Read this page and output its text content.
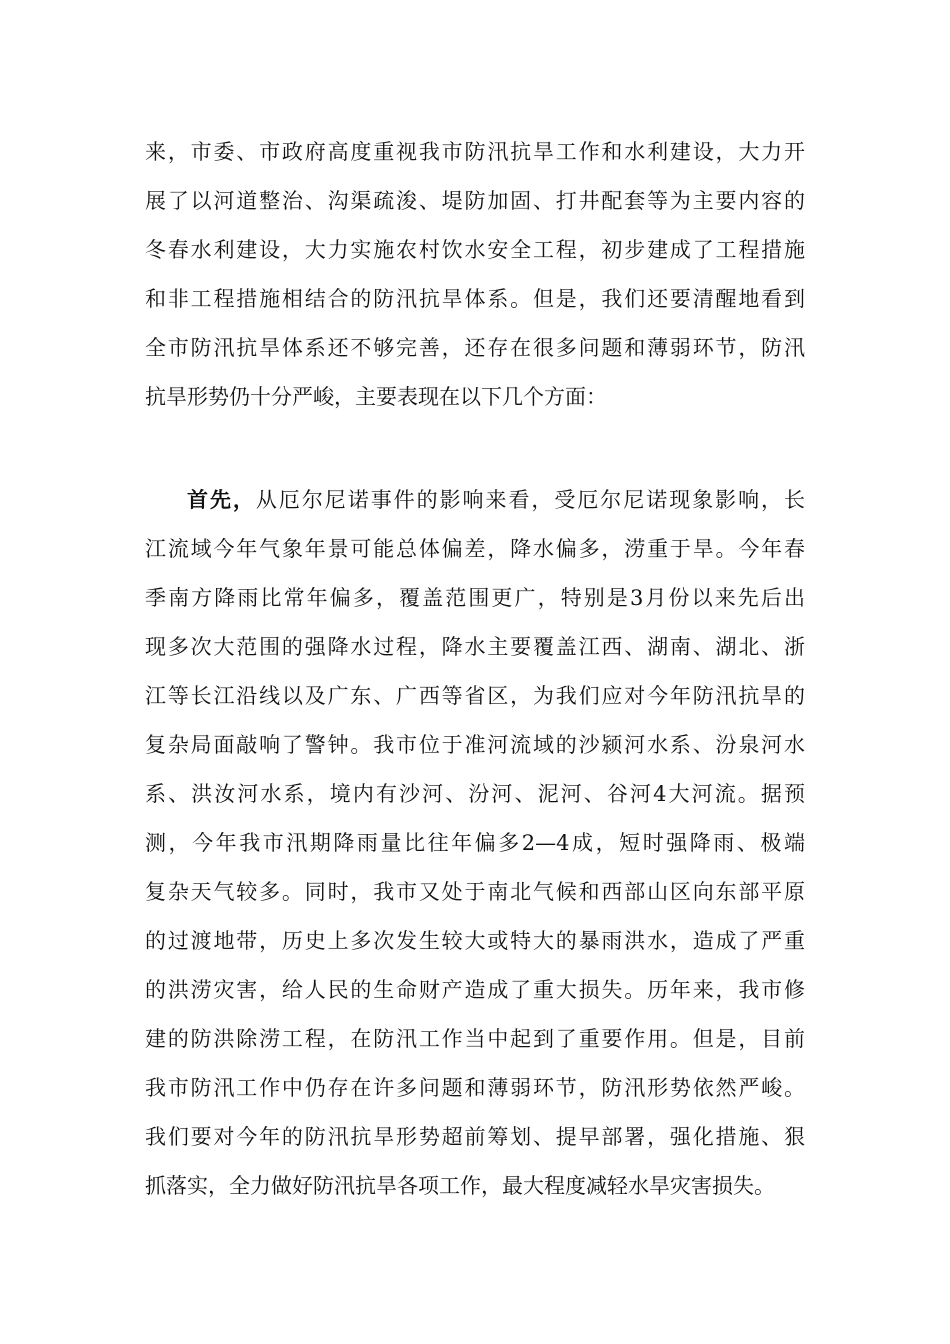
来，市委、市政府高度重视我市防汛抗旱工作和水利建设，大力开
展了以河道整治、沟渠疏浚、堤防加固、打井配套等为主要内容的
冬春水利建设，大力实施农村饮水安全工程，初步建成了工程措施
和非工程措施相结合的防汛抗旱体系。但是，我们还要清醒地看到
全市防汛抗旱体系还不够完善，还存在很多问题和薄弱环节，防汛
抗旱形势仍十分严峻，主要表现在以下几个方面：
首先，从厄尔尼诺事件的影响来看，受厄尔尼诺现象影响，长
江流域今年气象年景可能总体偏差，降水偏多，涝重于旱。今年春
季南方降雨比常年偏多，覆盖范围更广，特别是3月份以来先后出
现多次大范围的强降水过程，降水主要覆盖江西、湖南、湖北、浙
江等长江沿线以及广东、广西等省区，为我们应对今年防汛抗旱的
复杂局面敲响了警钟。我市位于准河流域的沙颍河水系、汾泉河水
系、洪汝河水系，境内有沙河、汾河、泥河、谷河4大河流。据预
测，今年我市汛期降雨量比往年偏多2—4成，短时强降雨、极端
复杂天气较多。同时，我市又处于南北气候和西部山区向东部平原
的过渡地带，历史上多次发生较大或特大的暴雨洪水，造成了严重
的洪涝灾害，给人民的生命财产造成了重大损失。历年来，我市修
建的防洪除涝工程，在防汛工作当中起到了重要作用。但是，目前
我市防汛工作中仍存在许多问题和薄弱环节，防汛形势依然严峻。
我们要对今年的防汛抗旱形势超前筹划、提早部署，强化措施、狠
抓落实，全力做好防汛抗旱各项工作，最大程度减轻水旱灾害损失。
